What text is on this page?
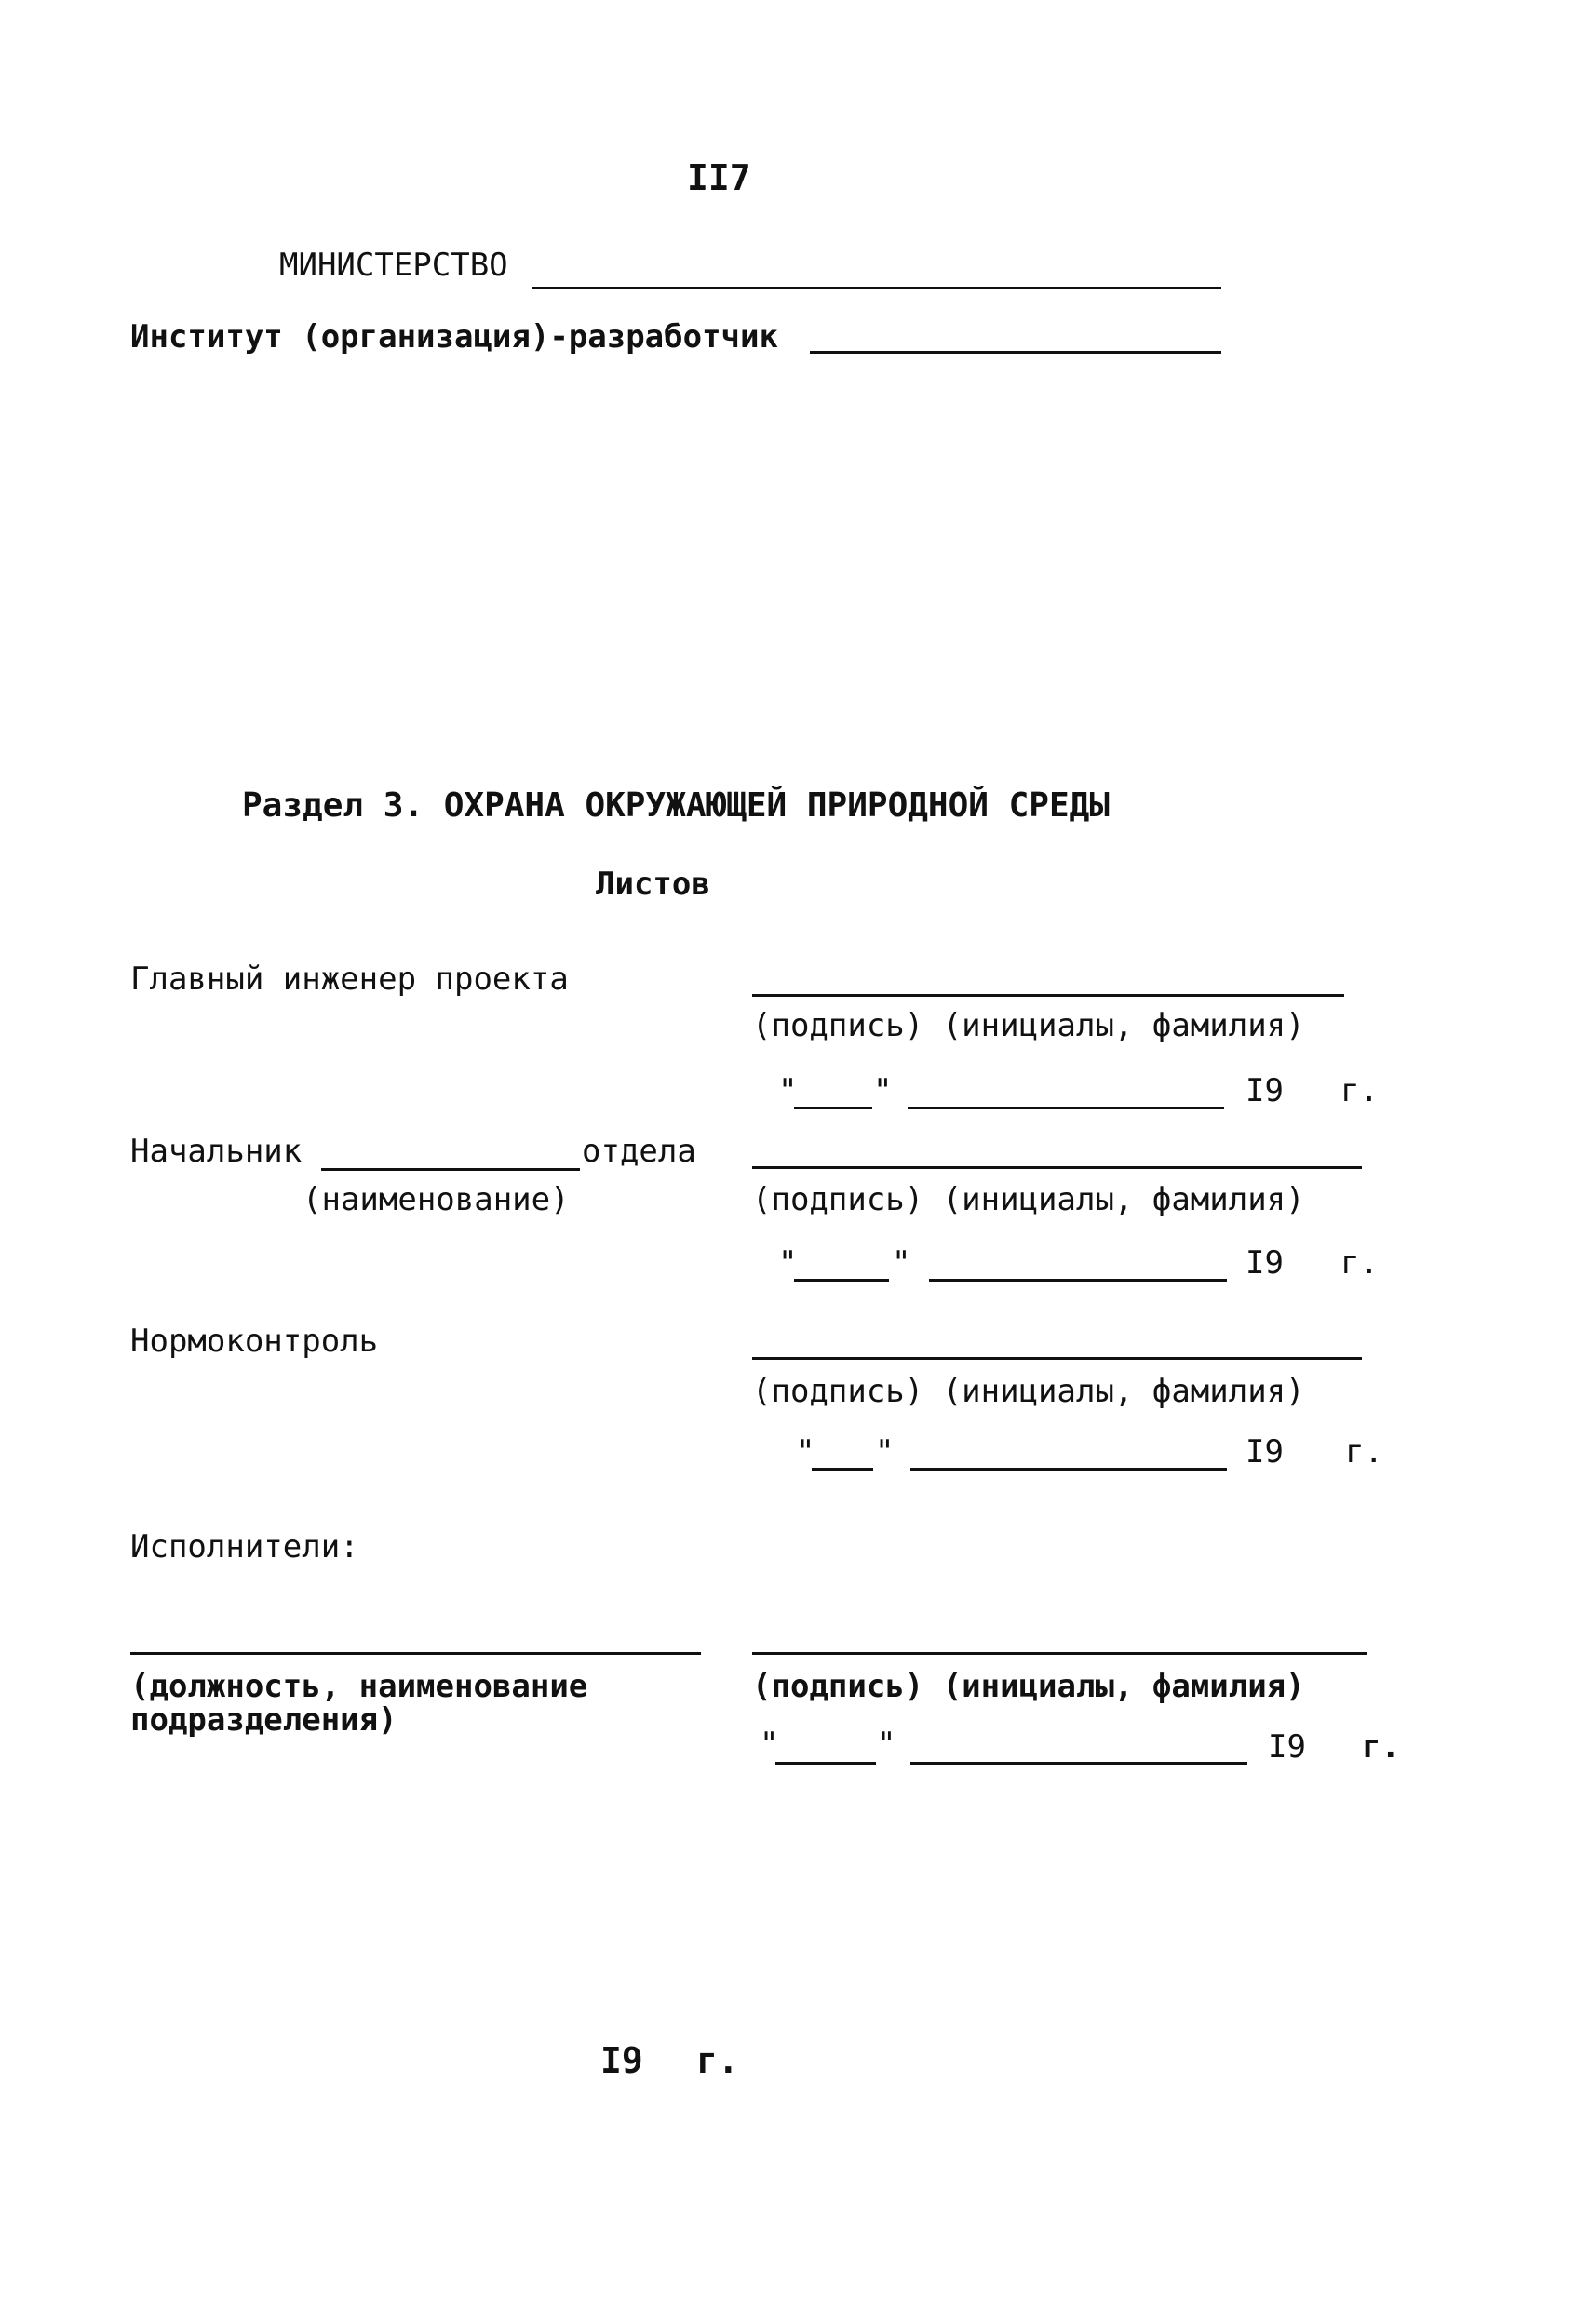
II7
МИНИСТЕРСТВО
Институт (организация)-разработчик
Раздел 3. ОХРАНА ОКРУЖАЮЩЕЙ ПРИРОДНОЙ СРЕДЫ
Листов
Главный инженер проекта
(подпись) (инициалы, фамилия)
" "	I9 г.
Начальник	отдела
(наименование)	(подпись) (инициалы, фамилия)
"	"	I9 г.
Нормоконтроль
(подпись) (инициалы, фамилия)
" "	I9 г.
Исполнители:
(должность, наименование
подразделения)
(подпись) (инициалы, фамилия)
"	"	I9 г.
I9 г.
